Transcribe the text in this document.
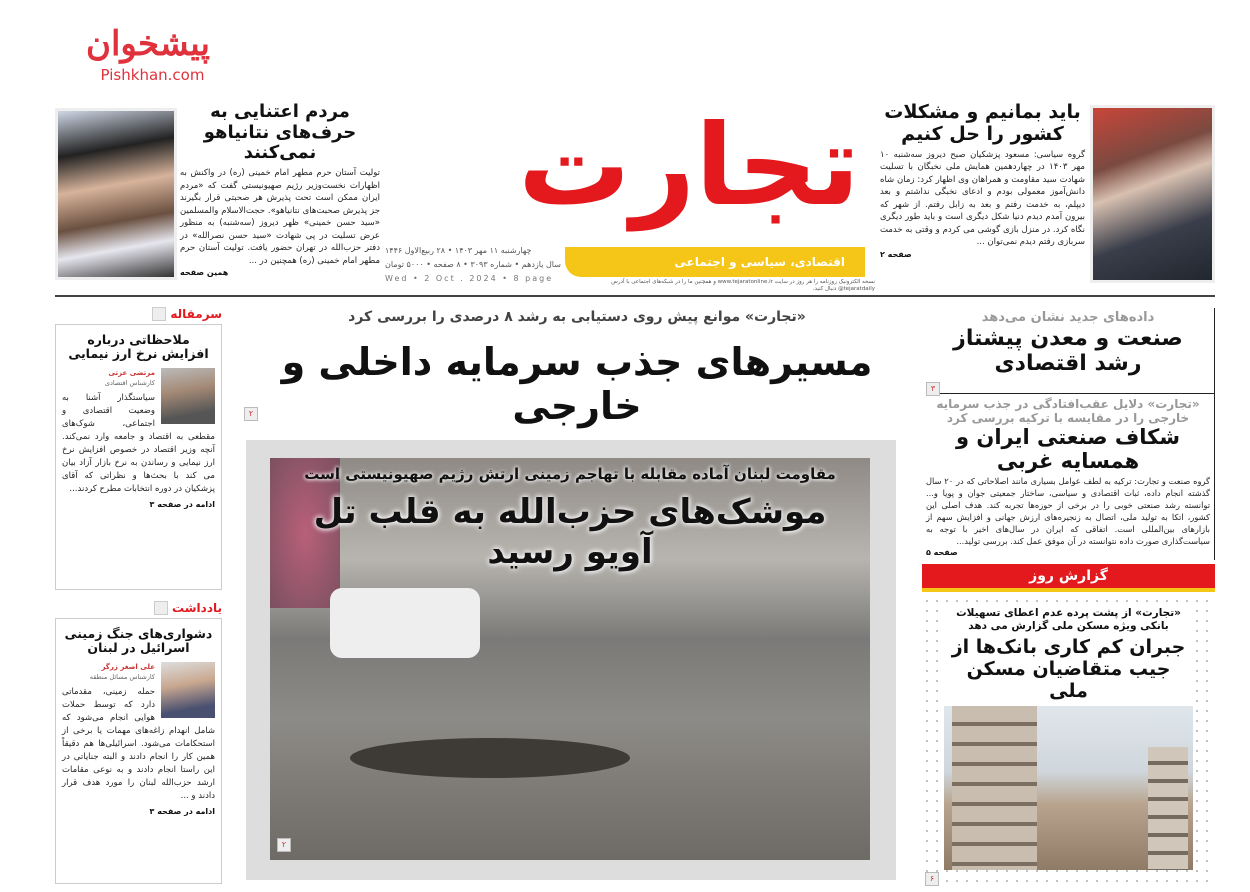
پیشخوان
Pishkhan.com
تجارت
اقتصادی، سیاسی و اجتماعی
چهارشنبه ۱۱ مهر ۱۴۰۳ • ۲۸ ربیع‌الاول ۱۴۴۶
سال یازدهم • شماره ۳۰۹۳ • ۸ صفحه • ۵۰۰۰ تومان
Wed • 2 Oct . 2024 • 8 page	نسخه الکترونیک روزنامه را هر روز در سایت www.tejaratonline.ir و همچنین ما را در شبکه‌های اجتماعی با آدرس tejaratdaily@ دنبال کنید.
باید بمانیم و مشکلات کشور را حل کنیم
گروه سیاسی: مسعود پزشکیان صبح دیروز سه‌شنبه ۱۰ مهر ۱۴۰۳ در چهاردهمین همایش ملی نخبگان با تسلیت شهادت سید مقاومت و همراهان وی اظهار کرد: زمان شاه دانش‌آموز معمولی بودم و ادعای نخبگی نداشتم و بعد دیپلم، به خدمت رفتم و بعد به زابل رفتم. از شهر که بیرون آمدم دیدم دنیا شکل دیگری است و باید طور دیگری نگاه کرد. در منزل بازی گوشی می کردم و وقتی به خدمت سربازی رفتم دیدم نمی‌توان ...
صفحه ۲
مردم اعتنایی به حرف‌های نتانیاهو نمی‌کنند
تولیت آستان حرم مطهر امام خمینی (ره) در واکنش به اظهارات نخست‌وزیر رژیم صهیونیستی گفت که «مردم ایران ممکن است تحت پذیرش هر صحبتی قرار بگیرند جز پذیرش صحبت‌های نتانیاهو». حجت‌الاسلام والمسلمین «سید حسن خمینی» ظهر دیروز (سه‌شنبه) به منظور عرض تسلیت در پی شهادت «سید حسن نصرالله» در دفتر حزب‌الله در تهران حضور یافت. تولیت آستان حرم مطهر امام خمینی (ره) همچنین در ...
همین صفحه
«تجارت» موانع پیش روی دستیابی به رشد ۸ درصدی را بررسی کرد
مسیرهای جذب سرمایه داخلی و خارجی
۲
مقاومت لبنان آماده مقابله با تهاجم زمینی ارتش رژیم صهیونیستی است
موشک‌های حزب‌الله به قلب تل آویو رسید
۲
سرمقاله
ملاحظاتی درباره افزایش نرخ ارز نیمایی
مرتضی عزتی
کارشناس اقتصادی
سیاستگذار آشنا به وضعیت اقتصادی و اجتماعی، شوک‌های مقطعی به اقتصاد و جامعه وارد نمی‌کند. آنچه وزیر اقتصاد در خصوص افزایش نرخ ارز نیمایی و رساندن به نرخ بازار آزاد بیان می کند با بحث‌ها و نظراتی که آقای پزشکیان در دوره انتخابات مطرح کردند...
ادامه در صفحه ۳
یادداشت
دشواری‌های جنگ زمینی اسرائیل در لبنان
علی اصغر زرگر
کارشناس مسائل منطقه
حمله زمینی، مقدماتی دارد که توسط حملات هوایی انجام می‌شود که شامل انهدام زاغه‌های مهمات یا برخی از استحکامات می‌شود. اسرائیلی‌ها هم دقیقاً همین کار را انجام دادند و البته جنایاتی در این راستا انجام دادند و به نوعی مقامات ارشد حزب‌الله لبنان را مورد هدف قرار دادند و ...
ادامه در صفحه ۳
داده‌های جدید نشان می‌دهد
صنعت و معدن پیشتاز رشد اقتصادی
۳
«تجارت» دلایل عقب‌افتادگی در جذب سرمایه خارجی را در مقایسه با ترکیه بررسی کرد
شکاف صنعتی ایران و همسایه غربی
گروه صنعت و تجارت: ترکیه به لطف عوامل بسیاری مانند اصلاحاتی که در ۲۰ سال گذشته انجام داده، ثبات اقتصادی و سیاسی، ساختار جمعیتی جوان و پویا و... توانسته رشد صنعتی خوبی را در برخی از حوزه‌ها تجربه کند. هدف اصلی این کشور، اتکا به تولید ملی، اتصال به زنجیره‌های ارزش جهانی و افزایش سهم از بازارهای بین‌المللی است. اتفاقی که ایران در سال‌های اخیر با توجه به سیاست‌گذاری صورت داده نتوانسته در آن موفق عمل کند. بررسی تولید...
صفحه ۵
گزارش روز
«تجارت» از پشت پرده عدم اعطای تسهیلات بانکی ویژه مسکن ملی گزارش می دهد
جبران کم کاری بانک‌ها از جیب متقاضیان مسکن ملی
۶
